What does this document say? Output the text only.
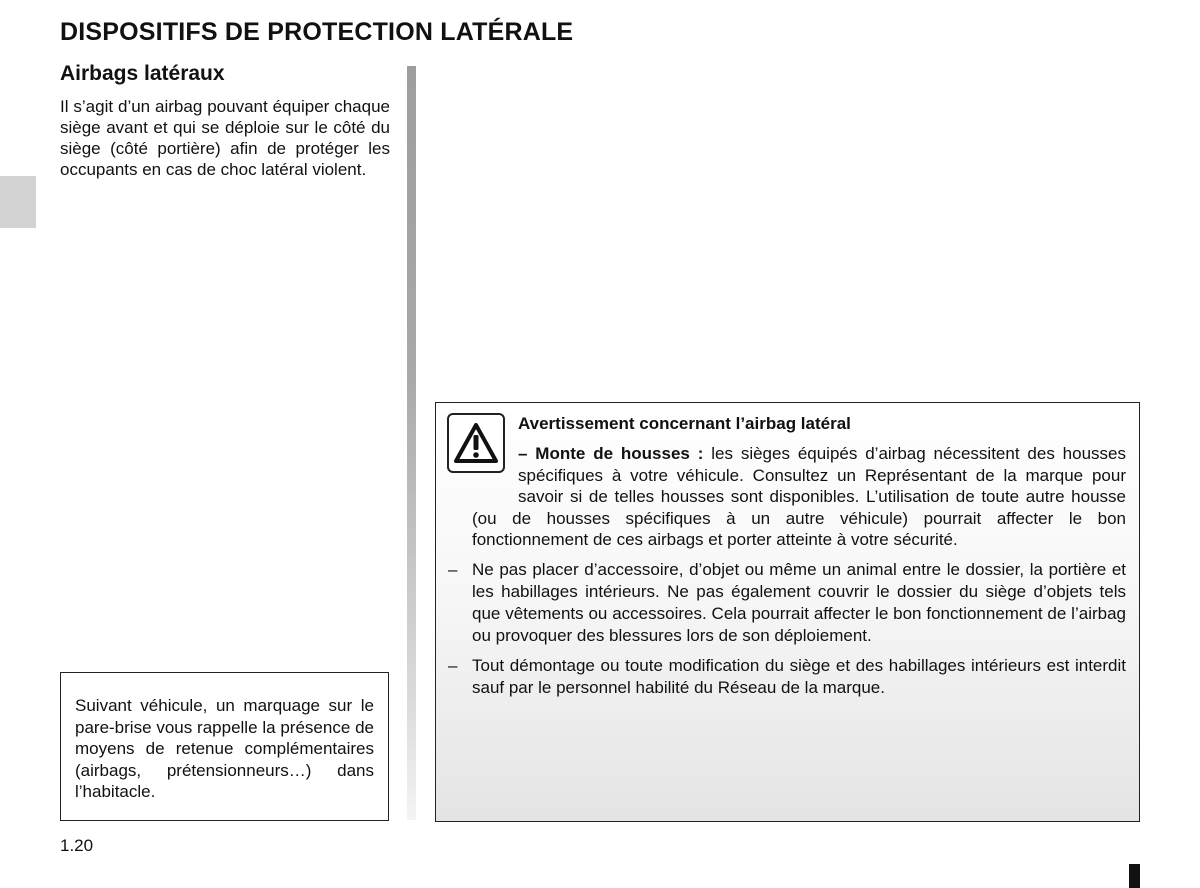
DISPOSITIFS DE PROTECTION LATÉRALE
Airbags latéraux

Il s’agit d’un airbag pouvant équiper chaque siège avant et qui se déploie sur le côté du siège (côté portière) afin de protéger les occupants en cas de choc latéral violent.

Suivant véhicule, un marquage sur le pare-brise vous rappelle la présence de moyens de retenue complémentaires (airbags, prétensionneurs…) dans l’habitacle.

Avertissement concernant l’airbag latéral

– Monte de housses : les sièges équipés d’airbag nécessitent des housses spécifiques à votre véhicule. Consultez un Représentant de la marque pour savoir si de telles housses sont disponibles. L’utilisation de toute autre housse (ou de housses spécifiques à un autre véhicule) pourrait affecter le bon fonctionnement de ces airbags et porter atteinte à votre sécurité.

– Ne pas placer d’accessoire, d’objet ou même un animal entre le dossier, la portière et les habillages intérieurs. Ne pas également couvrir le dossier du siège d’objets tels que vêtements ou accessoires. Cela pourrait affecter le bon fonctionnement de l’airbag ou provoquer des blessures lors de son déploiement.
– Tout démontage ou toute modification du siège et des habillages intérieurs est interdit sauf par le personnel habilité du Réseau de la marque.
1.20
